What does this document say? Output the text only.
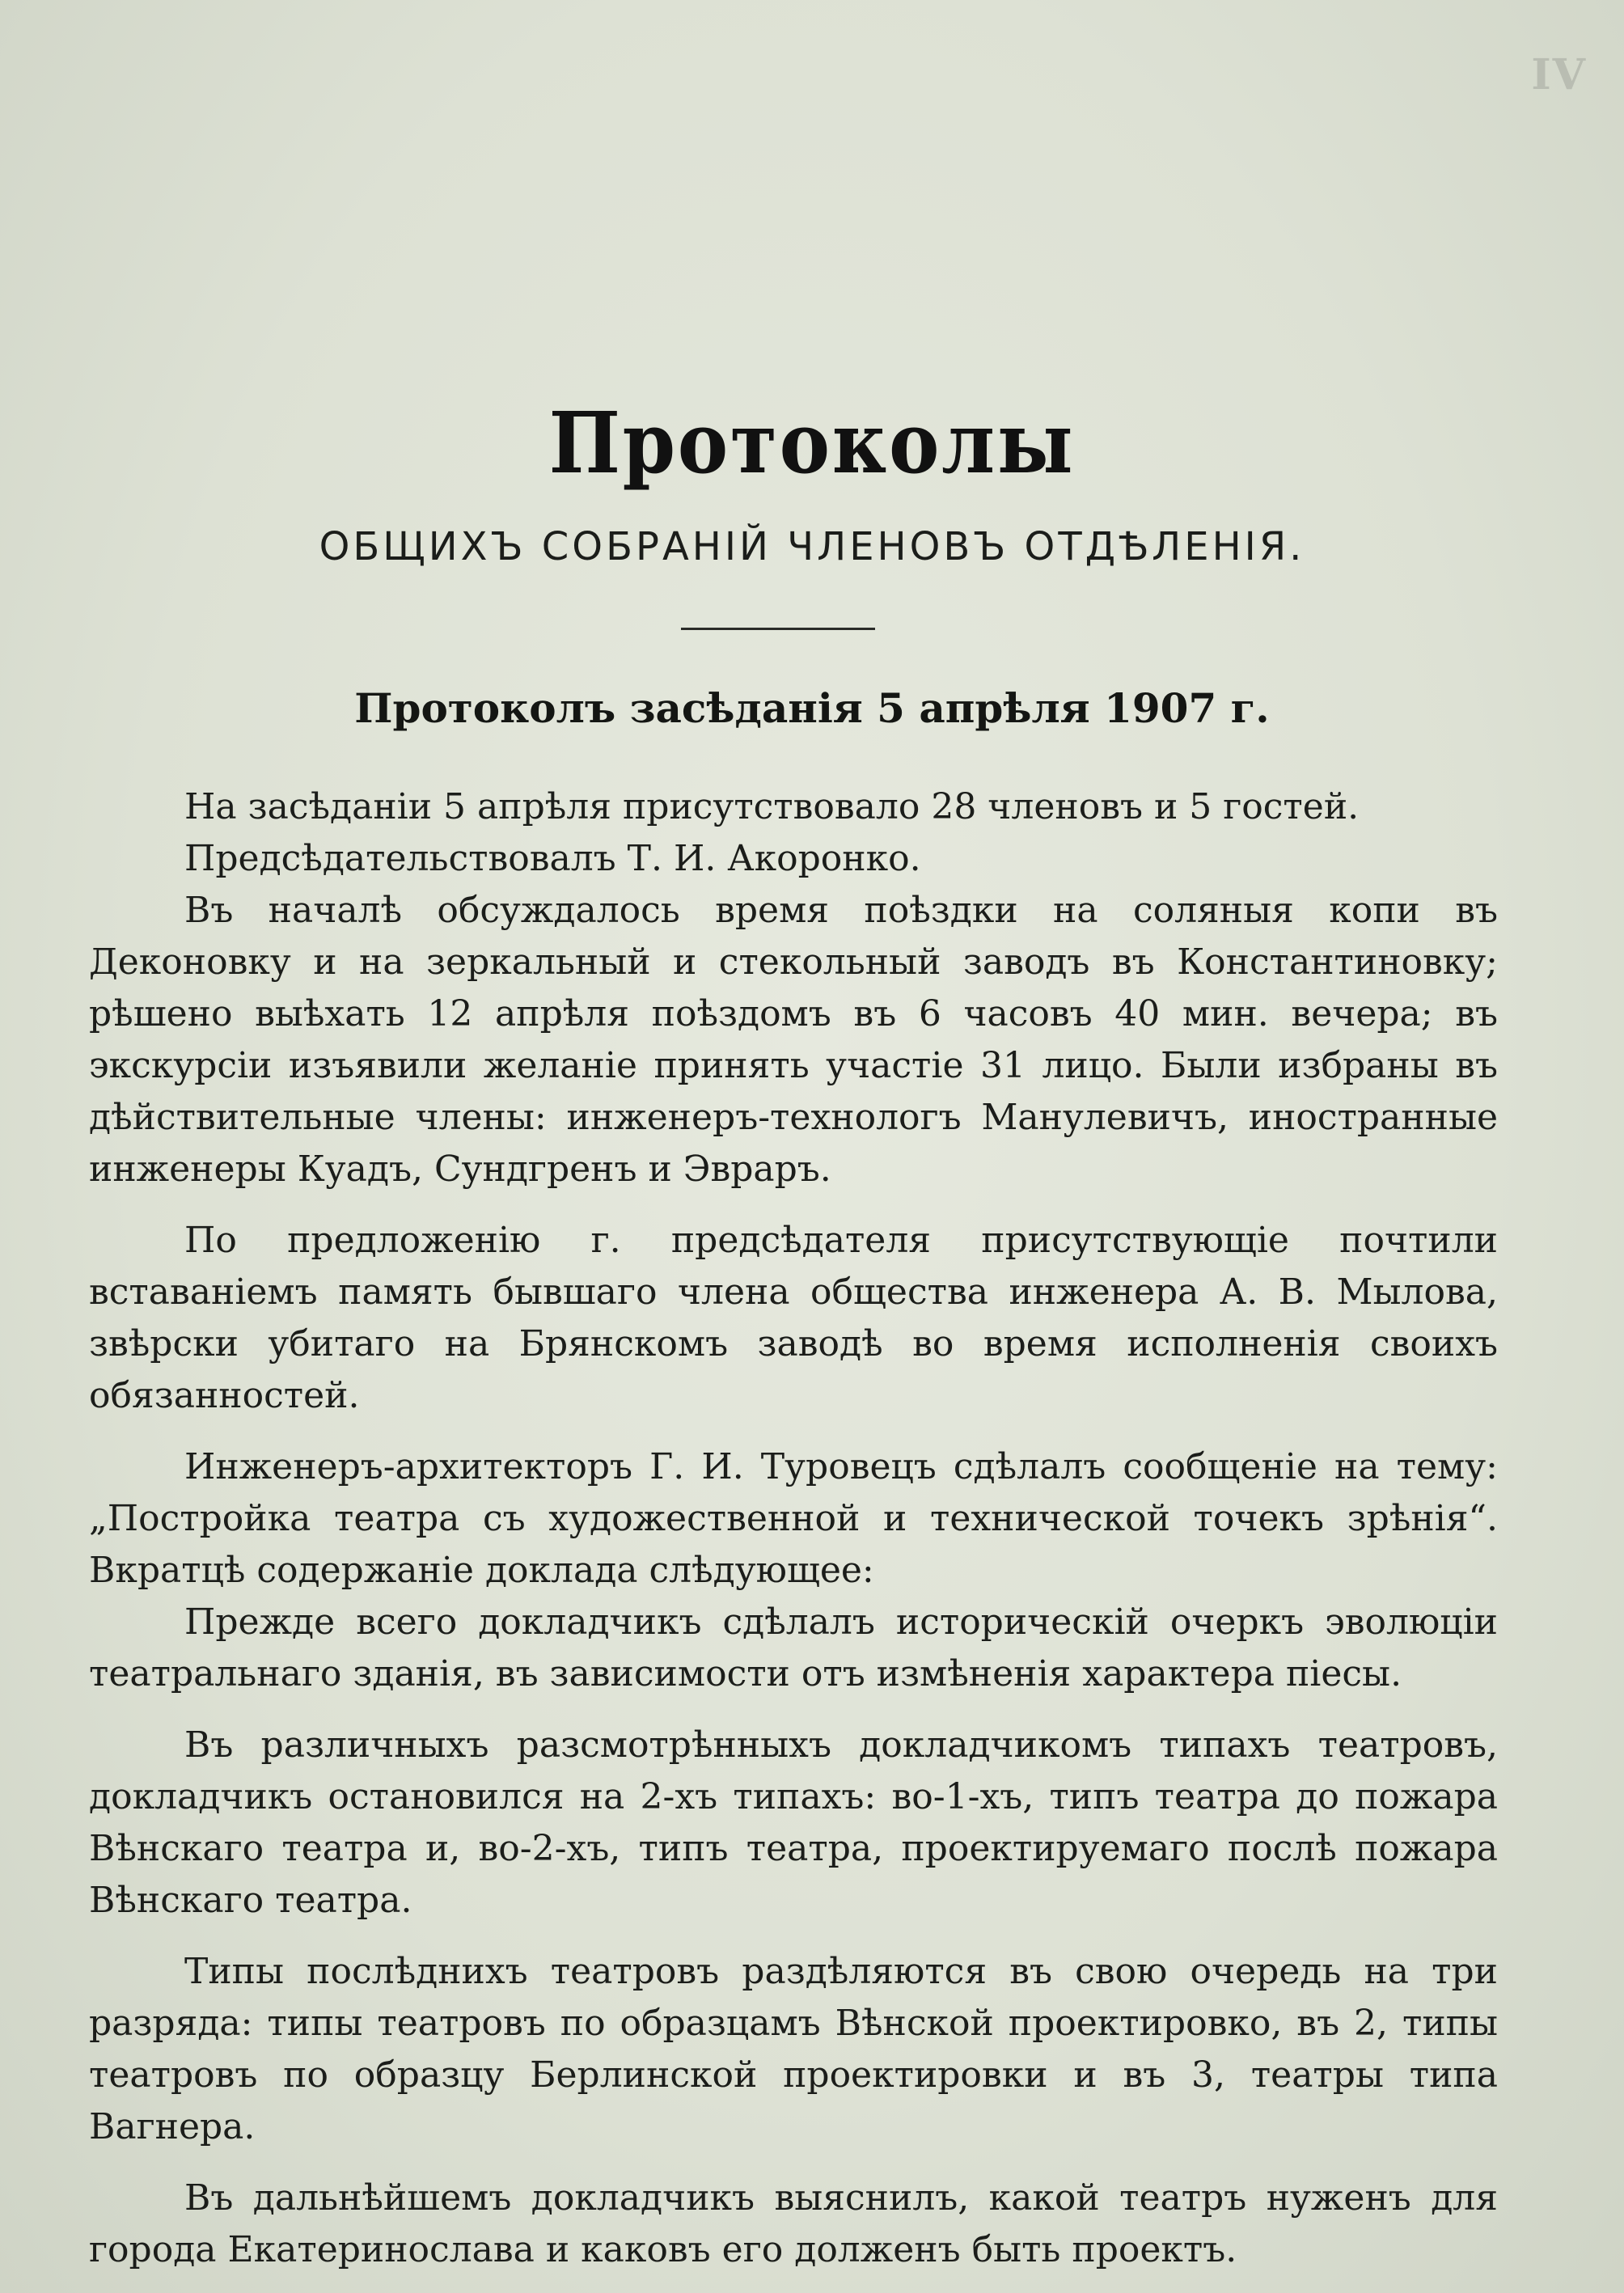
IV
Протоколы
ОБЩИХЪ СОБРАНІЙ ЧЛЕНОВЪ ОТДѢЛЕНІЯ.
Протоколъ засѣданія 5 апрѣля 1907 г.

На засѣданіи 5 апрѣля присутствовало 28 членовъ и 5 гостей.

Предсѣдательствовалъ Т. И. Акоронко.

Въ началѣ обсуждалось время поѣздки на соляныя копи въ Деконовку и на зеркальный и стекольный заводъ въ Константиновку; рѣшено выѣхать 12 апрѣля поѣздомъ въ 6 часовъ 40 мин. вечера; въ экскурсіи изъявили желаніе принять участіе 31 лицо. Были избраны въ дѣйствительные члены: инженеръ-технологъ Манулевичъ, иностранные инженеры Куадъ, Сундгренъ и Эвраръ.

По предложенію г. предсѣдателя присутствующіе почтили вставаніемъ память бывшаго члена общества инженера А. В. Мылова, звѣрски убитаго на Брянскомъ заводѣ во время исполненія своихъ обязанностей.

Инженеръ-архитекторъ Г. И. Туровецъ сдѣлалъ сообщеніе на тему: „Постройка театра съ художественной и технической точекъ зрѣнія“. Вкратцѣ содержаніе доклада слѣдующее:

Прежде всего докладчикъ сдѣлалъ историческій очеркъ эволюціи театральнаго зданія, въ зависимости отъ измѣненія характера піесы.

Въ различныхъ разсмотрѣнныхъ докладчикомъ типахъ театровъ, докладчикъ остановился на 2-хъ типахъ: во-1-хъ, типъ театра до пожара Вѣнскаго театра и, во-2-хъ, типъ театра, проектируемаго послѣ пожара Вѣнскаго театра.

Типы послѣднихъ театровъ раздѣляются въ свою очередь на три разряда: типы театровъ по образцамъ Вѣнской проектировко, въ 2, типы театровъ по образцу Берлинской проектировки и въ 3, театры типа Вагнера.

Въ дальнѣйшемъ докладчикъ выяснилъ, какой театръ нуженъ для города Екатеринослава и каковъ его долженъ быть проектъ.
